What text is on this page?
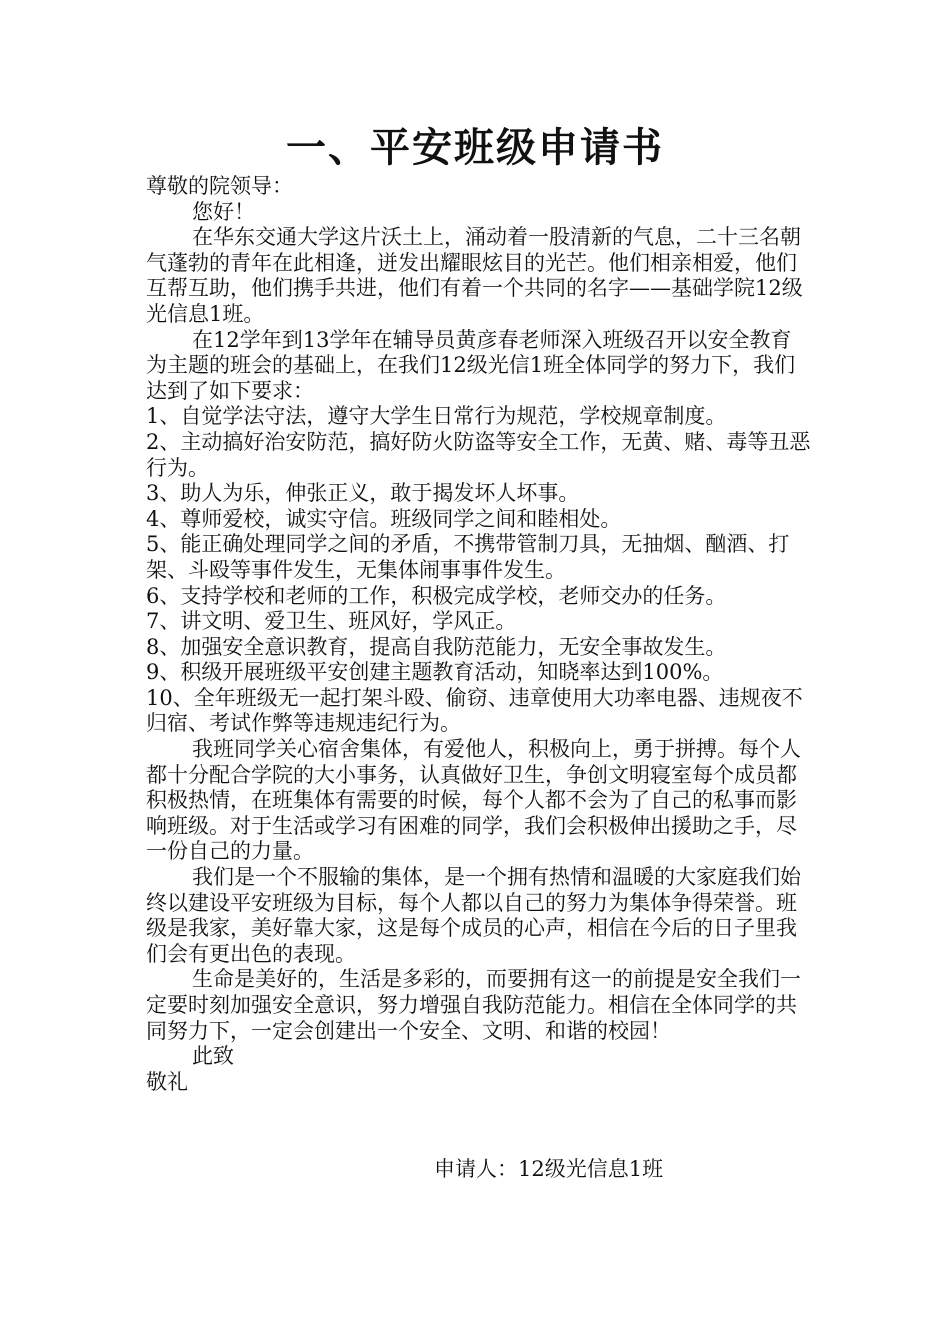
一、平安班级申请书

尊敬的院领导：

您好！

在华东交通大学这片沃土上，涌动着一股清新的气息，二十三名朝气蓬勃的青年在此相逢，迸发出耀眼炫目的光芒。他们相亲相爱，他们互帮互助，他们携手共进，他们有着一个共同的名字——基础学院12级光信息1班。

在12学年到13学年在辅导员黄彦春老师深入班级召开以安全教育为主题的班会的基础上，在我们12级光信1班全体同学的努力下，我们达到了如下要求：

1、自觉学法守法，遵守大学生日常行为规范，学校规章制度。

2、主动搞好治安防范，搞好防火防盗等安全工作，无黄、赌、毒等丑恶行为。

3、助人为乐，伸张正义，敢于揭发坏人坏事。

4、尊师爱校，诚实守信。班级同学之间和睦相处。

5、能正确处理同学之间的矛盾，不携带管制刀具，无抽烟、酗酒、打架、斗殴等事件发生，无集体闹事事件发生。

6、支持学校和老师的工作，积极完成学校，老师交办的任务。

7、讲文明、爱卫生、班风好，学风正。

8、加强安全意识教育，提高自我防范能力，无安全事故发生。

9、积级开展班级平安创建主题教育活动，知晓率达到100%。

10、全年班级无一起打架斗殴、偷窃、违章使用大功率电器、违规夜不归宿、考试作弊等违规违纪行为。

我班同学关心宿舍集体，有爱他人，积极向上，勇于拼搏。每个人都十分配合学院的大小事务，认真做好卫生，争创文明寝室每个成员都积极热情，在班集体有需要的时候，每个人都不会为了自己的私事而影响班级。对于生活或学习有困难的同学，我们会积极伸出援助之手，尽一份自己的力量。

我们是一个不服输的集体，是一个拥有热情和温暖的大家庭我们始终以建设平安班级为目标，每个人都以自己的努力为集体争得荣誉。班级是我家，美好靠大家，这是每个成员的心声，相信在今后的日子里我们会有更出色的表现。

生命是美好的，生活是多彩的，而要拥有这一的前提是安全我们一定要时刻加强安全意识，努力增强自我防范能力。相信在全体同学的共同努力下，一定会创建出一个安全、文明、和谐的校园！

此致

敬礼

申请人：12级光信息1班
